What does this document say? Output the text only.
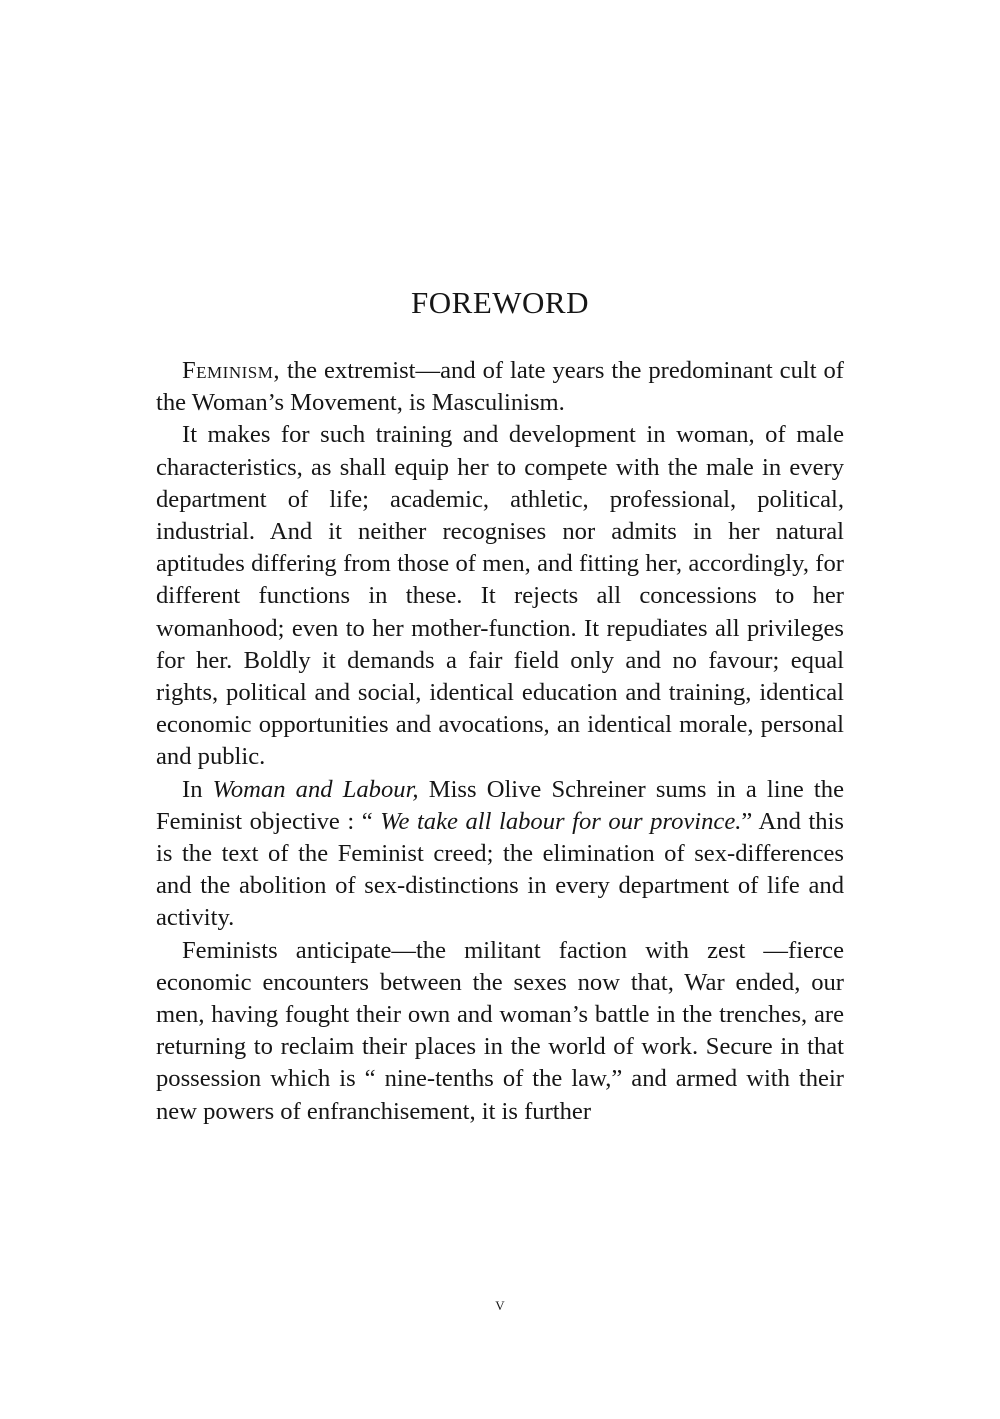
FOREWORD

Feminism, the extremist—and of late years the predominant cult of the Woman’s Movement, is Masculinism.

It makes for such training and development in woman, of male characteristics, as shall equip her to compete with the male in every department of life; academic, athletic, professional, political, industrial. And it neither recognises nor admits in her natural aptitudes differing from those of men, and fitting her, accordingly, for different functions in these. It rejects all concessions to her womanhood; even to her mother-function. It repudiates all privileges for her. Boldly it demands a fair field only and no favour; equal rights, political and social, identical education and training, identical economic opportunities and avocations, an identical morale, personal and public.

In Woman and Labour, Miss Olive Schreiner sums in a line the Feminist objective : “ We take all labour for our province.” And this is the text of the Feminist creed; the elimination of sex-differences and the abolition of sex-distinctions in every department of life and activity.

Feminists anticipate—the militant faction with zest —fierce economic encounters between the sexes now that, War ended, our men, having fought their own and woman’s battle in the trenches, are returning to reclaim their places in the world of work. Secure in that possession which is “ nine-tenths of the law,” and armed with their new powers of enfranchisement, it is further

v
